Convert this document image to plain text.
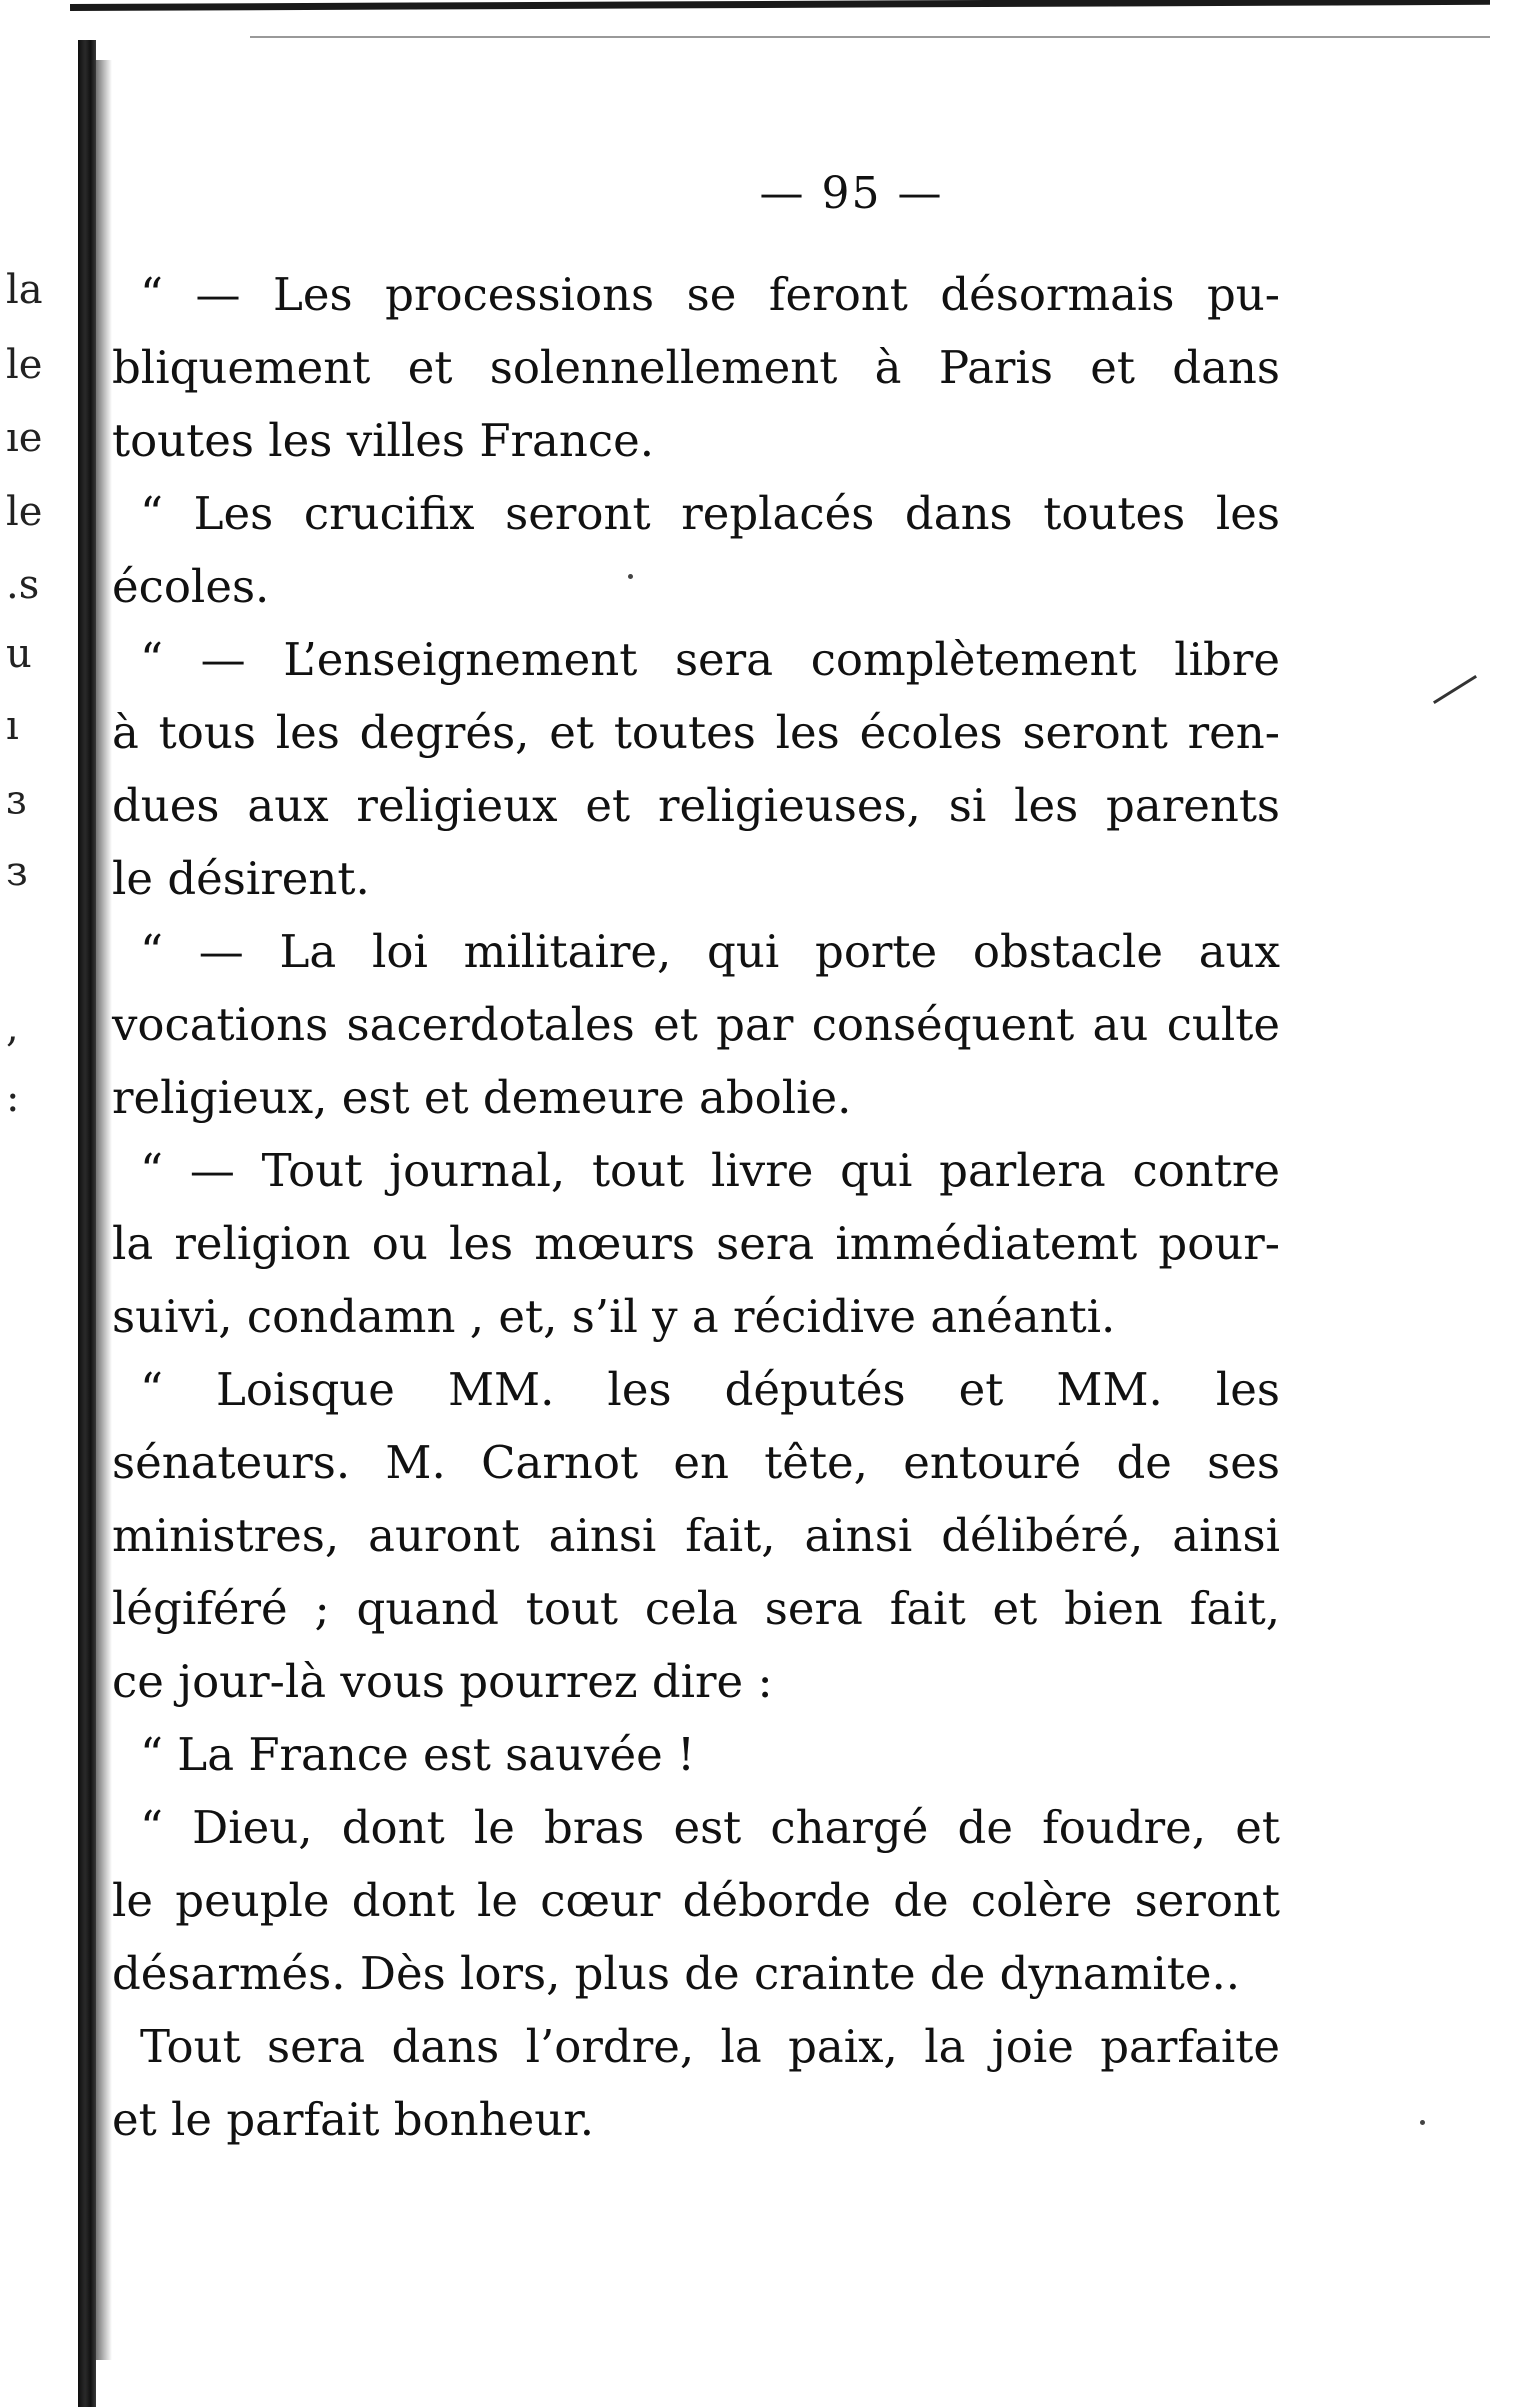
la
le
ıe
le
.s
u
ı
ɜ
з
,
:
— 95 —
“ — Les processions se feront désormais pu-
bliquement et solennellement à Paris et dans
toutes les villes France.
“ Les crucifix seront replacés dans toutes les
écoles.
“ — L’enseignement sera complètement libre
à tous les degrés, et toutes les écoles seront ren-
dues aux religieux et religieuses, si les parents
le désirent.
“ — La loi militaire, qui porte obstacle aux
vocations sacerdotales et par conséquent au culte
religieux, est et demeure abolie.
“ — Tout journal, tout livre qui parlera contre
la religion ou les mœurs sera immédiatemt pour-
suivi, condamn , et, s’il y a récidive anéanti.
“ Loisque MM. les députés et MM. les
sénateurs. M. Carnot en tête, entouré de ses
ministres, auront ainsi fait, ainsi délibéré, ainsi
légiféré ; quand tout cela sera fait et bien fait,
ce jour-là vous pourrez dire :
“ La France est sauvée !
“ Dieu, dont le bras est chargé de foudre, et
le peuple dont le cœur déborde de colère seront
désarmés. Dès lors, plus de crainte de dynamite..
Tout sera dans l’ordre, la paix, la joie parfaite
et le parfait bonheur.
